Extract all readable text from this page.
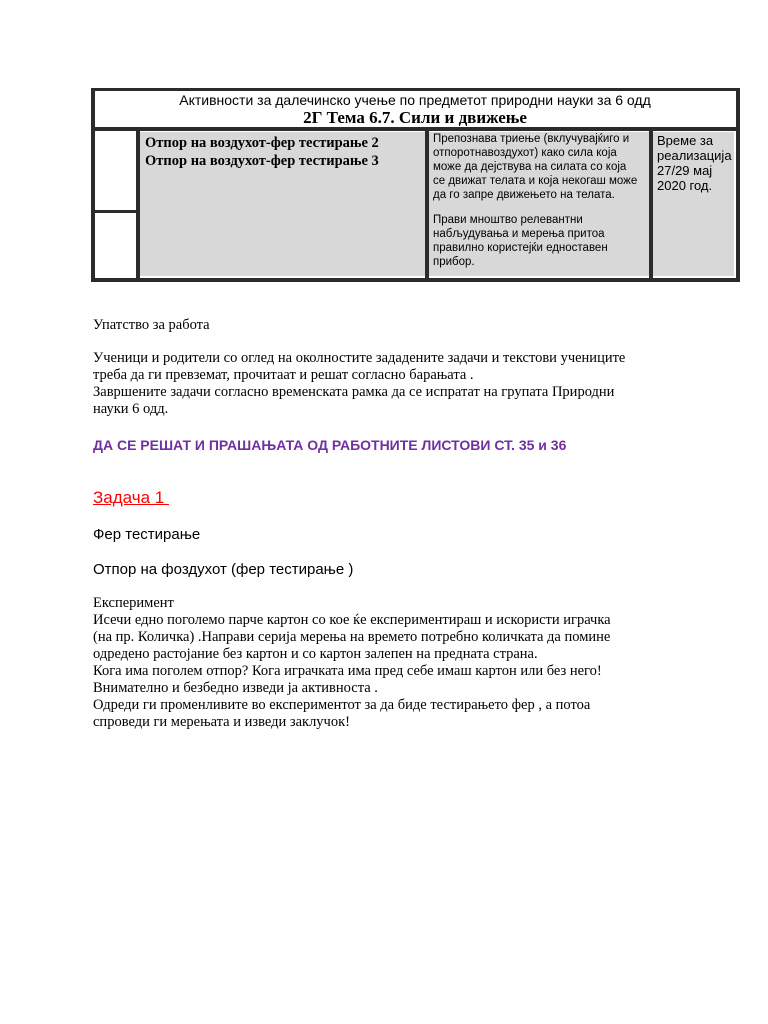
Активности за далечинско учење по предметот природни науки за 6 одд
2Г Тема 6.7. Сили и движење
Отпор на воздухот-фер тестирање 2
Отпор на воздухот-фер тестирање 3
Препознава триење (вклучувајќиго и
отпоротнавоздухот) како сила која
може да дејствува на силата со која
се движат телата и која некогаш може
да го запре движењето на телата.
Прави мноштво релевантни
набљудувања и мерења притоа
правилно користејќи едноставен
прибор.
Време за
реализација
27/29 мај
2020 год.
Упатство за работа
Ученици и родители со оглед на околностите зададените задачи и текстови учениците
треба да ги превземат, прочитаат и решат согласно барањата .
Завршените задачи согласно временската рамка да се испратат на групата Природни
науки 6 одд.
ДА СЕ РЕШАТ И ПРАШАЊАТА ОД РАБОТНИТЕ ЛИСТОВИ СТ. 35 и 36
Задача 1
Фер тестирање
Отпор на фоздухот (фер тестирање )
Експеримент
Исечи едно поголемо парче картон со кое ќе експериментираш и искористи играчка
(на пр. Количка) .Направи серија мерења на времето потребно количката да помине
одредено растојание без картон и со картон залепен на предната страна.
Кога има поголем отпор? Кога играчката има пред себе имаш картон или без него!
Внимателно и безбедно изведи ја активноста .
Одреди ги променливите во експериментот за да биде тестирањето фер , а потоа
спроведи ги мерењата и изведи заклучок!
